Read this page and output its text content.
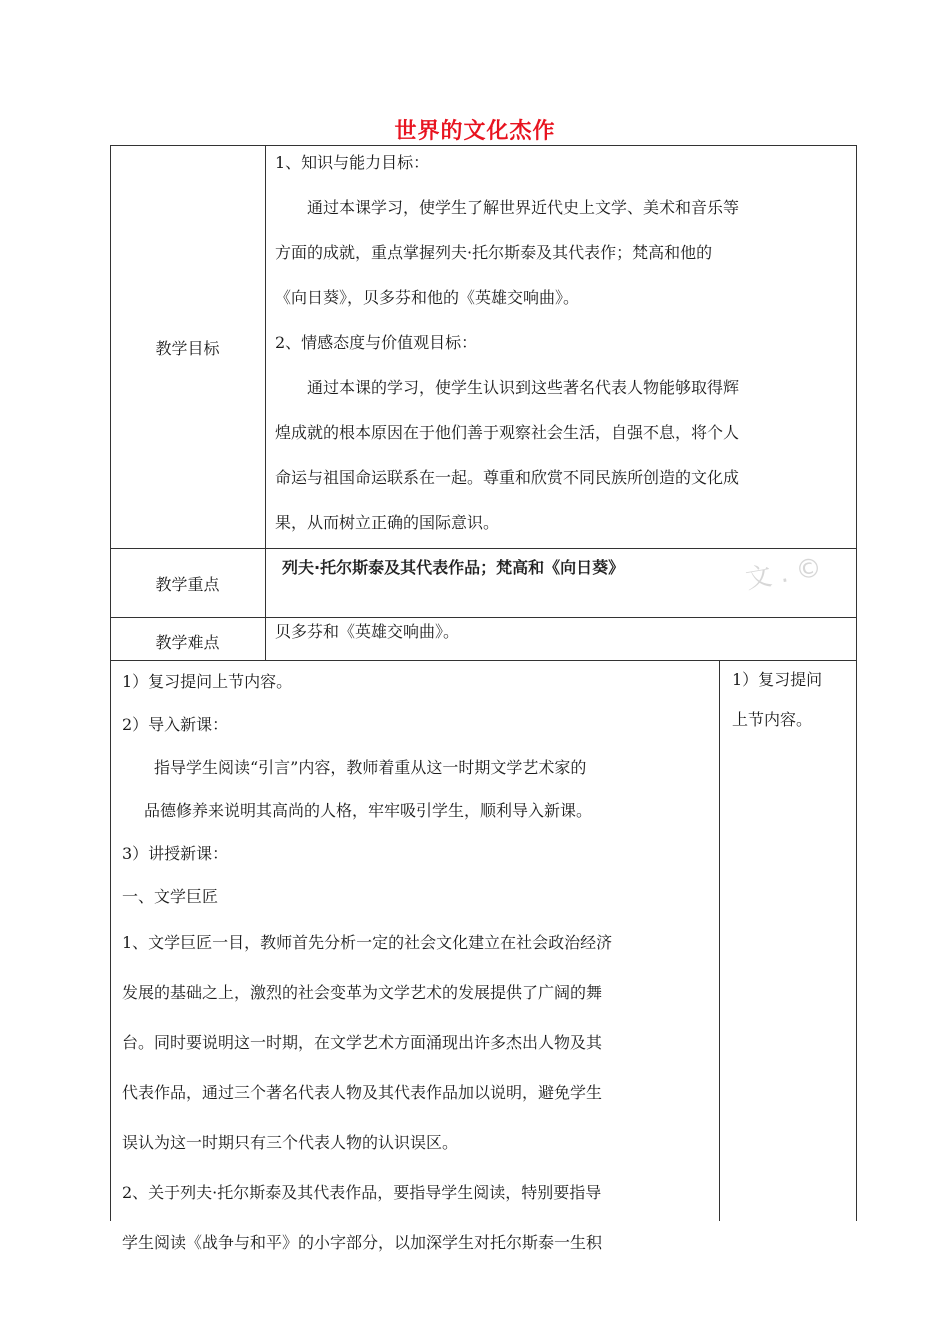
世界的文化杰作
教学目标

1、知识与能力目标：

通过本课学习，使学生了解世界近代史上文学、美术和音乐等

方面的成就，重点掌握列夫·托尔斯泰及其代表作；梵高和他的

《向日葵》，贝多芬和他的《英雄交响曲》。

2、情感态度与价值观目标：

通过本课的学习，使学生认识到这些著名代表人物能够取得辉

煌成就的根本原因在于他们善于观察社会生活，自强不息，将个人

命运与祖国命运联系在一起。尊重和欣赏不同民族所创造的文化成

果，从而树立正确的国际意识。

教学重点
列夫·托尔斯泰及其代表作品；梵高和《向日葵》	文 . ©
教学难点
贝多芬和《英雄交响曲》。

1）复习提问上节内容。

2）导入新课：

指导学生阅读“引言”内容，教师着重从这一时期文学艺术家的

品德修养来说明其高尚的人格，牢牢吸引学生，顺利导入新课。

3）讲授新课：

一、文学巨匠

1、文学巨匠一目，教师首先分析一定的社会文化建立在社会政治经济

发展的基础之上，激烈的社会变革为文学艺术的发展提供了广阔的舞

台。同时要说明这一时期，在文学艺术方面涌现出许多杰出人物及其

代表作品，通过三个著名代表人物及其代表作品加以说明，避免学生

误认为这一时期只有三个代表人物的认识误区。

2、关于列夫·托尔斯泰及其代表作品，要指导学生阅读，特别要指导

学生阅读《战争与和平》的小字部分，以加深学生对托尔斯泰一生积

1）复习提问

上节内容。
